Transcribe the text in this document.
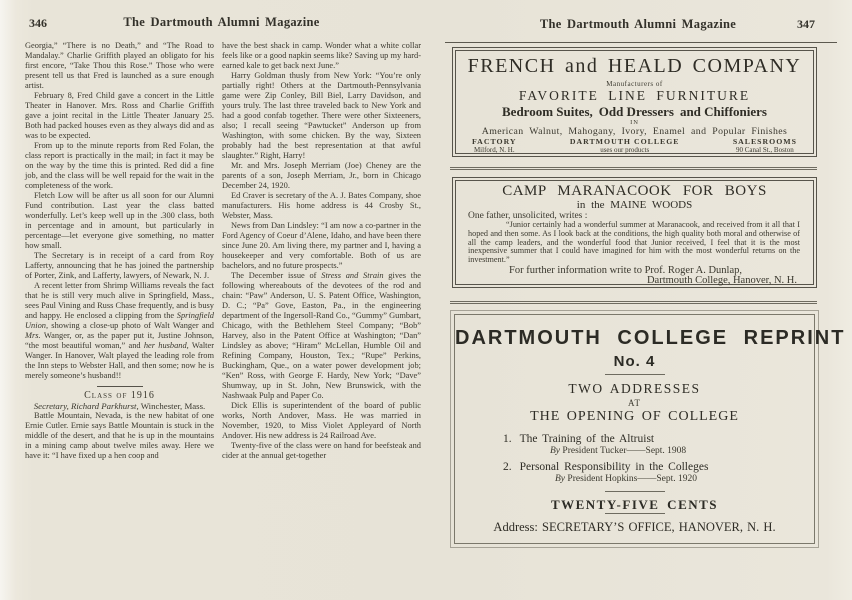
346	The Dartmouth Alumni Magazine

Georgia,” “There is no Death,” and “The Road to Mandalay.” Charlie Griffith played an obligato for his first encore, “Take Thou this Rose.” Those who were present tell us that Fred is launched as a sure enough artist.

February 8, Fred Child gave a concert in the Little Theater in Hanover. Mrs. Ross and Charlie Griffith gave a joint recital in the Little Theater January 25. Both had packed houses even as they always did and as was to be expected.

From up to the minute reports from Red Folan, the class report is practically in the mail; in fact it may be on the way by the time this is printed. Red did a fine job, and the class will be well repaid for the wait in the completeness of the work.

Fletch Low will be after us all soon for our Alumni Fund contribution. Last year the class batted wonderfully. Let’s keep well up in the .300 class, both in percentage and in amount, but particularly in percentage—let everyone give something, no matter how small.

The Secretary is in receipt of a card from Roy Lafferty, announcing that he has joined the partnership of Porter, Zink, and Lafferty, lawyers, of Newark, N. J.

A recent letter from Shrimp Williams reveals the fact that he is still very much alive in Springfield, Mass., sees Paul Vining and Russ Chase frequently, and is busy and happy. He enclosed a clipping from the Springfield Union, showing a close-up photo of Walt Wanger and Mrs. Wanger, or, as the paper put it, Justine Johnson, “the most beautiful woman,” and her husband, Walter Wanger. In Hanover, Walt played the leading role from the Inn steps to Webster Hall, and then some; now he is merely someone’s husband!!

Class of 1916

Secretary, Richard Parkhurst, Winchester, Mass.

Battle Mountain, Nevada, is the new habitat of one Ernie Cutler. Ernie says Battle Mountain is stuck in the middle of the desert, and that he is up in the mountains in a mining camp about twelve miles away. Here we have it: “I have fixed up a hen coop and

have the best shack in camp. Wonder what a white collar feels like or a good napkin seems like? Saving up my hard-earned kale to get back next June.”

Harry Goldman thusly from New York: “You’re only partially right! Others at the Dartmouth-Pennsylvania game were Zip Conley, Bill Biel, Larry Davidson, and yours truly. The last three traveled back to New York and had a good confab together. There were other Sixteeners, also; I recall seeing “Pawtucket” Anderson up from Washington, with some chicken. By the way, Sixteen probably had the best representation at that awful slaughter.” Right, Harry!

Mr. and Mrs. Joseph Merriam (Joe) Cheney are the parents of a son, Joseph Merriam, Jr., born in Chicago December 24, 1920.

Ed Craver is secretary of the A. J. Bates Company, shoe manufacturers. His home address is 44 Crosby St., Webster, Mass.

News from Dan Lindsley: “I am now a co-partner in the Ford Agency of Coeur d’Alene, Idaho, and have been there since June 20. Am living there, my partner and I, having a housekeeper and very comfortable. Both of us are bachelors, and no future prospects.”

The December issue of Stress and Strain gives the following whereabouts of the devotees of the rod and chain: “Paw” Anderson, U. S. Patent Office, Washington, D. C.; “Pa” Gove, Easton, Pa., in the engineering department of the Ingersoll-Rand Co., “Gummy” Gumbart, Chicago, with the Bethlehem Steel Company; “Bob” Harvey, also in the Patent Office at Washington; “Dan” Lindsley as above; “Hiram” McLellan, Humble Oil and Refining Company, Houston, Tex.; “Rupe” Perkins, Buckingham, Que., on a water power development job; “Ken” Ross, with George F. Hardy, New York; “Dave” Shumway, up in St. John, New Brunswick, with the Nashwaak Pulp and Paper Co.

Dick Ellis is superintendent of the board of public works, North Andover, Mass. He was married in November, 1920, to Miss Violet Appleyard of North Andover. His new address is 24 Railroad Ave.

Twenty-five of the class were on hand for beefsteak and cider at the annual get-together

The Dartmouth Alumni Magazine	347
FRENCH and HEALD COMPANY
Manufacturers of
FAVORITE LINE FURNITURE
Bedroom Suites, Odd Dressers and Chiffoniers
IN
American Walnut, Mahogany, Ivory, Enamel and Popular Finishes
FACTORY
Milford, N. H.
DARTMOUTH COLLEGE
uses our products
SALESROOMS
90 Canal St., Boston
CAMP MARANACOOK FOR BOYS
in the MAINE WOODS
One father, unsolicited, writes :
“Junior certainly had a wonderful summer at Maranacook, and received from it all that I hoped and then some. As I look back at the conditions, the high quality both moral and otherwise of all the camp leaders, and the wonderful food that Junior received, I feel that it is the most inexpensive summer that I could have imagined for him with the most wonderful returns on the investment.”
For further information write to Prof. Roger A. Dunlap,
Dartmouth College, Hanover, N. H.
DARTMOUTH COLLEGE REPRINT
No. 4
TWO ADDRESSES
AT
THE OPENING OF COLLEGE
1. The Training of the Altruist
By President Tucker——Sept. 1908
2. Personal Responsibility in the Colleges
By President Hopkins——Sept. 1920
TWENTY-FIVE CENTS
Address: SECRETARY’S OFFICE, HANOVER, N. H.
